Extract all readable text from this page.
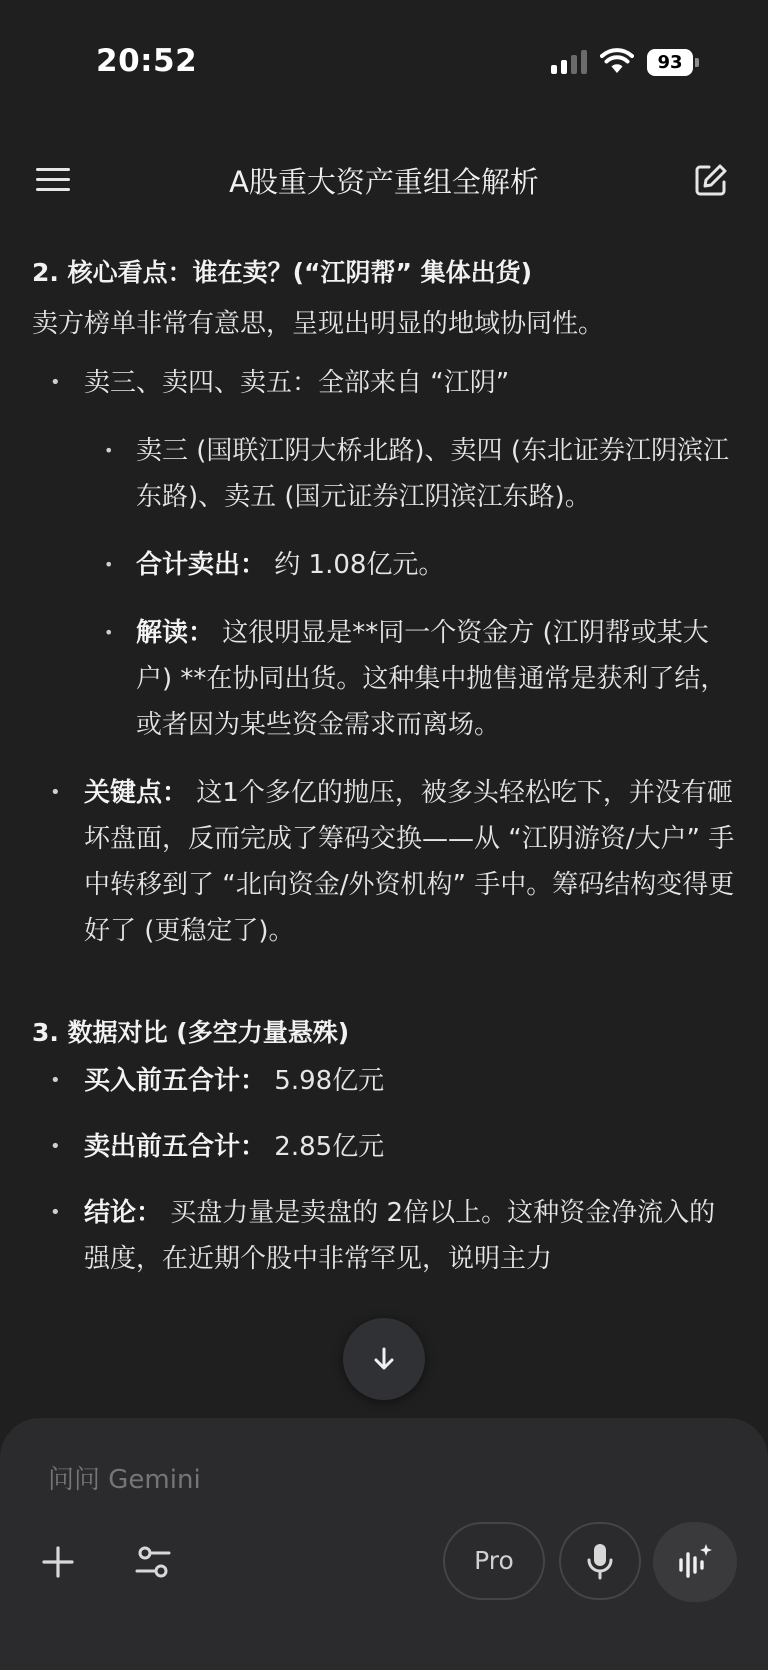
20:52	93
A股重大资产重组全解析
2. 核心看点：谁在卖？(“江阴帮” 集体出货)

卖方榜单非常有意思，呈现出明显的地域协同性。

• 卖三、卖四、卖五：全部来自 “江阴”
• 卖三 (国联江阴大桥北路)、卖四 (东北证券江阴滨江东路)、卖五 (国元证券江阴滨江东路)。
• 合计卖出： 约 1.08亿元。
• 解读： 这很明显是**同一个资金方 (江阴帮或某大户) **在协同出货。这种集中抛售通常是获利了结，或者因为某些资金需求而离场。
• 关键点： 这1个多亿的抛压，被多头轻松吃下，并没有砸坏盘面，反而完成了筹码交换——从 “江阴游资/大户” 手中转移到了 “北向资金/外资机构” 手中。筹码结构变得更好了 (更稳定了)。
3. 数据对比 (多空力量悬殊)
• 买入前五合计： 5.98亿元
• 卖出前五合计： 2.85亿元
• 结论： 买盘力量是卖盘的 2倍以上。这种资金净流入的强度，在近期个股中非常罕见，说明主力
问问 Gemini
Pro
